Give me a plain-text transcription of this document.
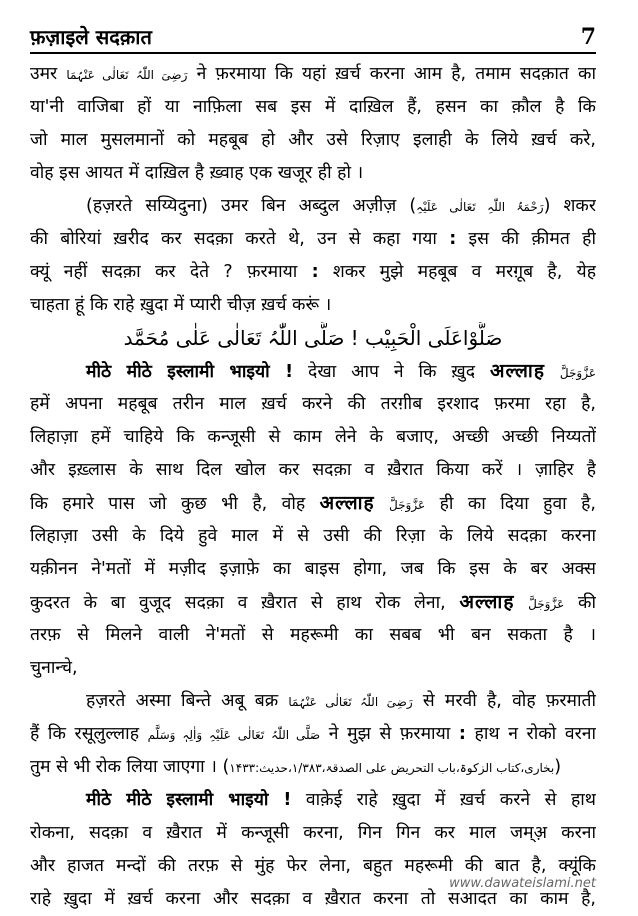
फ़ज़ाइले सदक़ात	7
उमर رَضِیَ اللّٰہُ تَعَالٰی عَنْہُمَا ने फ़रमाया कि यहां ख़र्च करना आम है, तमाम सदक़ात का
या'नी वाजिबा हों या नाफ़िला सब इस में दाख़िल हैं, हसन का क़ौल है कि
जो माल मुसलमानों को महबूब हो और उसे रिज़ाए इलाही के लिये ख़र्च करे,
वोह इस आयत में दाख़िल है ख़्वाह एक खजूर ही हो ।
(हज़रते सय्यिदुना) उमर बिन अब्दुल अज़ीज़ (رَحْمَۃُ اللّٰہِ تَعَالٰی عَلَیْہِ) शकर
की बोरियां ख़रीद कर सदक़ा करते थे, उन से कहा गया : इस की क़ीमत ही
क्यूं नहीं सदक़ा कर देते ? फ़रमाया : शकर मुझे महबूब व मरग़ूब है, येह
चाहता हूं कि राहे ख़ुदा में प्यारी चीज़ ख़र्च करूं ।
صَلُّوْاعَلَی الْحَبِیْب ! صَلَّی اللّٰہُ تَعَالٰی عَلٰی مُحَمَّد
मीठे मीठे इस्लामी भाइयो ! देखा आप ने कि ख़ुद अल्लाह عَزَّوَجَلَّ
हमें अपना महबूब तरीन माल ख़र्च करने की तरग़ीब इरशाद फ़रमा रहा है,
लिहाज़ा हमें चाहिये कि कन्जूसी से काम लेने के बजाए, अच्छी अच्छी निय्यतों
और इख़्लास के साथ दिल खोल कर सदक़ा व ख़ैरात किया करें । ज़ाहिर है
कि हमारे पास जो कुछ भी है, वोह अल्लाह عَزَّوَجَلَّ ही का दिया हुवा है,
लिहाज़ा उसी के दिये हुवे माल में से उसी की रिज़ा के लिये सदक़ा करना
यक़ीनन ने'मतों में मज़ीद इज़ाफ़े का बाइस होगा, जब कि इस के बर अक्स
कुदरत के बा वुजूद सदक़ा व ख़ैरात से हाथ रोक लेना, अल्लाह عَزَّوَجَلَّ की
तरफ़ से मिलने वाली ने'मतों से महरूमी का सबब भी बन सकता है ।
चुनान्चे,
हज़रते अस्मा बिन्ते अबू बक्र رَضِیَ اللّٰہُ تَعَالٰی عَنْہُمَا से मरवी है, वोह फ़रमाती
हैं कि रसूलुल्लाह صَلَّی اللّٰہُ تَعَالٰی عَلَیْہِ وَاٰلِہٖ وَسَلَّم ने मुझ से फ़रमाया : हाथ न रोको वरना
तुम से भी रोक लिया जाएगा । (بخاری،کتاب الزکوۃ،باب التحریض علی الصدقۃ،۱/۳۸۳،حدیث:۱۴۳۳)
मीठे मीठे इस्लामी भाइयो ! वाक़ेई राहे ख़ुदा में ख़र्च करने से हाथ
रोकना, सदक़ा व ख़ैरात में कन्जूसी करना, गिन गिन कर माल जम्अ़ करना
और हाजत मन्दों की तरफ़ से मुंह फेर लेना, बहुत महरूमी की बात है, क्यूंकि
राहे ख़ुदा में ख़र्च करना और सदक़ा व ख़ैरात करना तो सआदत का काम है,
www.dawateislami.net
